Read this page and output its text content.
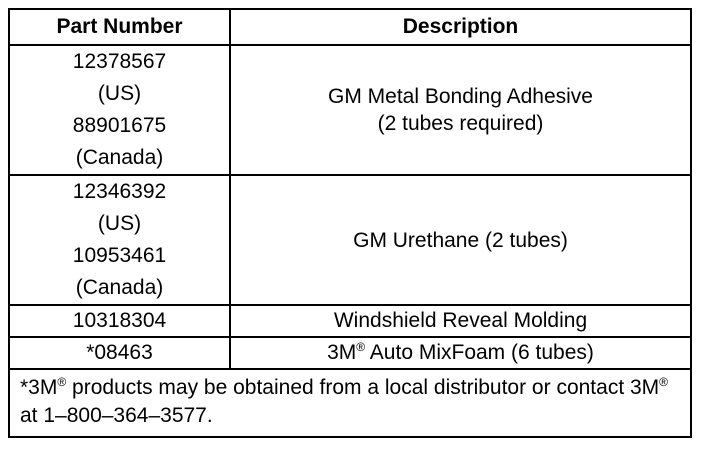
Part Number	Description

12378567
(US)
88901675
(Canada)	GM Metal Bonding Adhesive
(2 tubes required)

12346392
(US)
10953461
(Canada)	GM Urethane (2 tubes)

10318304	Windshield Reveal Molding
*08463	3M® Auto MixFoam (6 tubes)
*3M® products may be obtained from a local distributor or contact 3M® at 1–800–364–3577.	
